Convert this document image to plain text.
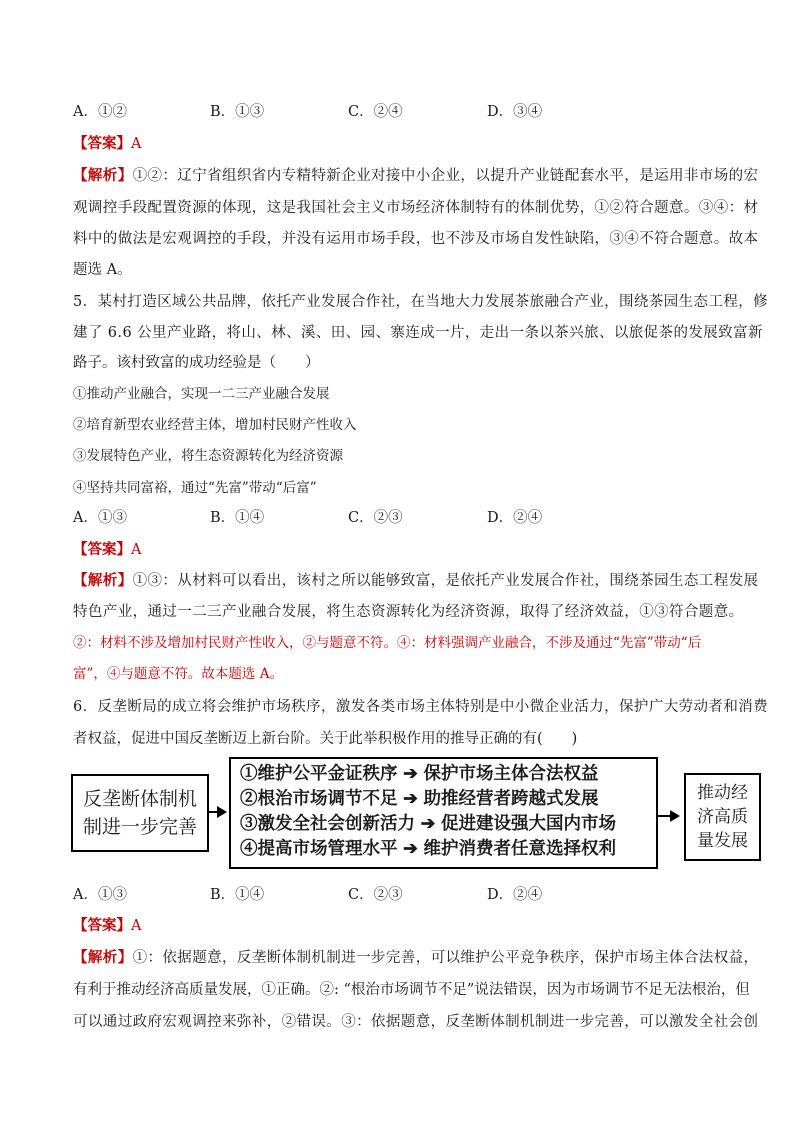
A．①②	B．①③	C．②④	D．③④
【答案】A
【解析】①②：辽宁省组织省内专精特新企业对接中小企业，以提升产业链配套水平，是运用非市场的宏
观调控手段配置资源的体现，这是我国社会主义市场经济体制特有的体制优势，①②符合题意。③④：材
料中的做法是宏观调控的手段，并没有运用市场手段，也不涉及市场自发性缺陷，③④不符合题意。故本
题选 A。
5．某村打造区域公共品牌，依托产业发展合作社，在当地大力发展茶旅融合产业，围绕茶园生态工程，修
建了 6.6 公里产业路，将山、林、溪、田、园、寨连成一片，走出一条以茶兴旅、以旅促茶的发展致富新
路子。该村致富的成功经验是（　　）
①推动产业融合，实现一二三产业融合发展
②培育新型农业经营主体，增加村民财产性收入
③发展特色产业，将生态资源转化为经济资源
④坚持共同富裕，通过“先富”带动“后富”
A．①③	B．①④	C．②③	D．②④
【答案】A
【解析】①③：从材料可以看出，该村之所以能够致富，是依托产业发展合作社，围绕茶园生态工程发展
特色产业，通过一二三产业融合发展，将生态资源转化为经济资源，取得了经济效益，①③符合题意。
②：材料不涉及增加村民财产性收入，②与题意不符。④：材料强调产业融合，不涉及通过“先富”带动“后
富”，④与题意不符。故本题选 A。
6．反垄断局的成立将会维护市场秩序，激发各类市场主体特别是中小微企业活力，保护广大劳动者和消费
者权益，促进中国反垄断迈上新台阶。关于此举积极作用的推导正确的有(　　)
反垄断体制机
制进一步完善
①维护公平金证秩序 ➔ 保护市场主体合法权益
②根治市场调节不足 ➔ 助推经营者跨越式发展
③激发全社会创新活力 ➔ 促进建设强大国内市场
④提高市场管理水平 ➔ 维护消费者任意选择权利
推动经
济高质
量发展
A．①③	B．①④	C．②③	D．②④
【答案】A
【解析】①：依据题意，反垄断体制机制进一步完善，可以维护公平竞争秩序，保护市场主体合法权益，
有利于推动经济高质量发展，①正确。②: “根治市场调节不足”说法错误，因为市场调节不足无法根治，但
可以通过政府宏观调控来弥补，②错误。③：依据题意，反垄断体制机制进一步完善，可以激发全社会创
